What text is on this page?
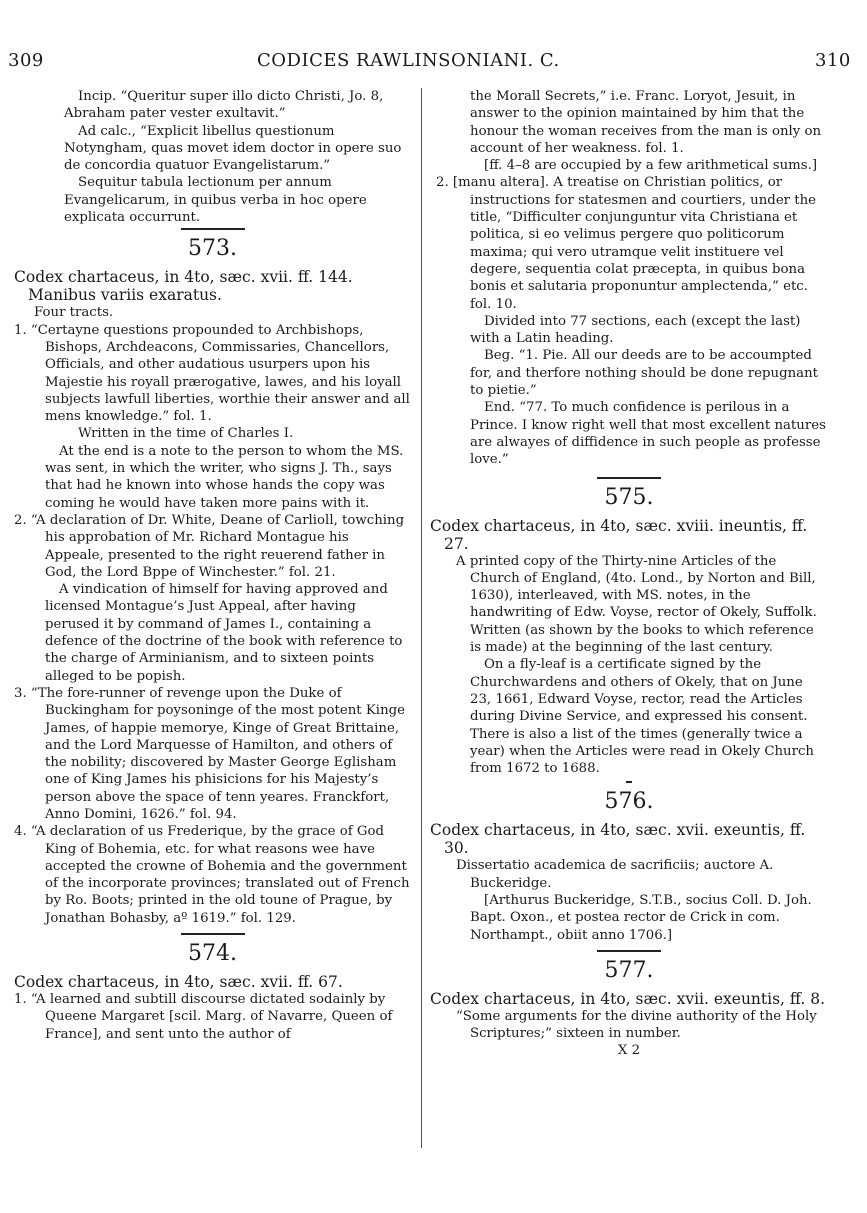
309	CODICES RAWLINSONIANI. C.	310

Incip. “Queritur super illo dicto Christi, Jo. 8, Abraham pater vester exultavit.”

Ad calc., “Explicit libellus questionum Notyngham, quas movet idem doctor in opere suo de concordia quatuor Evangelistarum.”

Sequitur tabula lectionum per annum Evangelicarum, in quibus verba in hoc opere explicata occurrunt.

573.

Codex chartaceus, in 4to, sæc. xvii. ff. 144. Manibus variis exaratus.

Four tracts.

1. “Certayne questions propounded to Archbishops, Bishops, Archdeacons, Commissaries, Chancellors, Officials, and other audatious usurpers upon his Majestie his royall prærogative, lawes, and his loyall subjects lawfull liberties, worthie their answer and all mens knowledge.” fol. 1.

Written in the time of Charles I.

At the end is a note to the person to whom the MS. was sent, in which the writer, who signs J. Th., says that had he known into whose hands the copy was coming he would have taken more pains with it.

2. “A declaration of Dr. White, Deane of Carlioll, towching his approbation of Mr. Richard Montague his Appeale, presented to the right reuerend father in God, the Lord Bppe of Winchester.” fol. 21.

A vindication of himself for having approved and licensed Montague’s Just Appeal, after having perused it by command of James I., containing a defence of the doctrine of the book with reference to the charge of Arminianism, and to sixteen points alleged to be popish.

3. “The fore-runner of revenge upon the Duke of Buckingham for poysoninge of the most potent Kinge James, of happie memorye, Kinge of Great Brittaine, and the Lord Marquesse of Hamilton, and others of the nobility; discovered by Master George Eglisham one of King James his phisicions for his Majesty’s person above the space of tenn yeares. Franckfort, Anno Domini, 1626.” fol. 94.

4. “A declaration of us Frederique, by the grace of God King of Bohemia, etc. for what reasons wee have accepted the crowne of Bohemia and the government of the incorporate provinces; translated out of French by Ro. Boots; printed in the old toune of Prague, by Jonathan Bohasby, aº 1619.” fol. 129.

574.

Codex chartaceus, in 4to, sæc. xvii. ff. 67.

1. “A learned and subtill discourse dictated sodainly by Queene Margaret [scil. Marg. of Navarre, Queen of France], and sent unto the author of

the Morall Secrets,” i.e. Franc. Loryot, Jesuit, in answer to the opinion maintained by him that the honour the woman receives from the man is only on account of her weakness. fol. 1.

[ff. 4–8 are occupied by a few arithmetical sums.]

2. [manu altera]. A treatise on Christian politics, or instructions for statesmen and courtiers, under the title, “Difficulter conjunguntur vita Christiana et politica, si eo velimus pergere quo politicorum maxima; qui vero utramque velit instituere vel degere, sequentia colat præcepta, in quibus bona bonis et salutaria proponuntur amplectenda,” etc. fol. 10.

Divided into 77 sections, each (except the last) with a Latin heading.

Beg. “1. Pie. All our deeds are to be accoumpted for, and therfore nothing should be done repugnant to pietie.”

End. “77. To much confidence is perilous in a Prince. I know right well that most excellent natures are alwayes of diffidence in such people as professe love.”

575.

Codex chartaceus, in 4to, sæc. xviii. ineuntis, ff. 27.

A printed copy of the Thirty-nine Articles of the Church of England, (4to. Lond., by Norton and Bill, 1630), interleaved, with MS. notes, in the handwriting of Edw. Voyse, rector of Okely, Suffolk. Written (as shown by the books to which reference is made) at the beginning of the last century.

On a fly-leaf is a certificate signed by the Churchwardens and others of Okely, that on June 23, 1661, Edward Voyse, rector, read the Articles during Divine Service, and expressed his consent. There is also a list of the times (generally twice a year) when the Articles were read in Okely Church from 1672 to 1688.

576.

Codex chartaceus, in 4to, sæc. xvii. exeuntis, ff. 30.

Dissertatio academica de sacrificiis; auctore A. Buckeridge.

[Arthurus Buckeridge, S.T.B., socius Coll. D. Joh. Bapt. Oxon., et postea rector de Crick in com. Northampt., obiit anno 1706.]

577.

Codex chartaceus, in 4to, sæc. xvii. exeuntis, ff. 8.

“Some arguments for the divine authority of the Holy Scriptures;” sixteen in number.

X 2
